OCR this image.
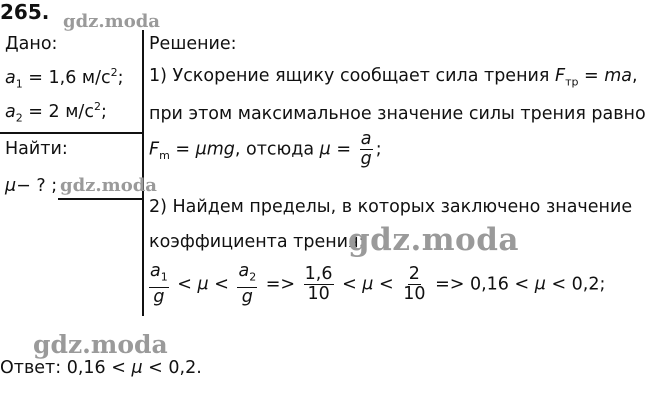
265.
Дано:
$a_1 = 1,6$ $м/с^2$;
$a_2 = 2$ $м/с^2$;
Найти:
μ− ? ;
Решение:
1) Ускорение ящику сообщает сила трения $F_{тр}$ = ma,
при этом максимальное значение силы трения равно
$F_m = \mu mg$, отсюда $\mu = \frac{a}{g}$ ;
2) Найдем пределы, в которых заключено значение
коэффициента трения:
$\frac{a_1}{g} < \mu < \frac{a_2}{g} => \frac{1,6}{10} < \mu < \frac{2}{10} => 0,16 < \mu < 0,2$;
Ответ: 0,16 < μ < 0,2.
gdz.moda
gdz.moda
gdz.moda
gdz.moda
